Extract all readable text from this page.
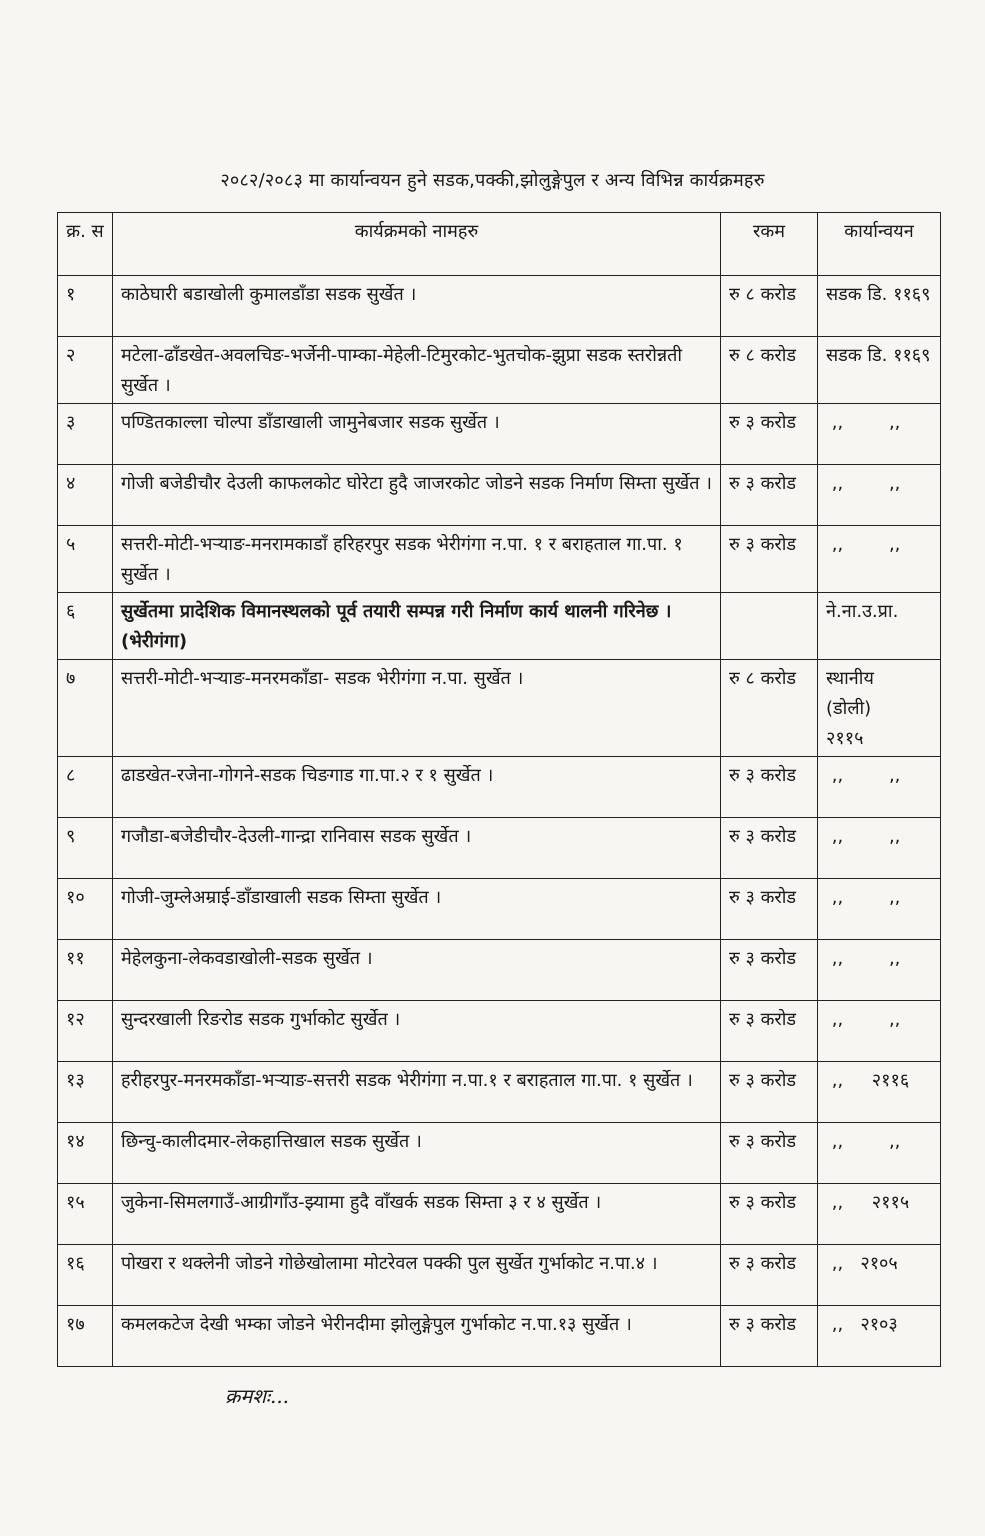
२०८२/२०८३ मा कार्यान्वयन हुने सडक,पक्की,झोलुङ्गेपुल र अन्य विभिन्न कार्यक्रमहरु
क्र. स	कार्यक्रमको नामहरु	रकम	कार्यान्वयन
१	काठेघारी बडाखोली कुमालडाँडा सडक सुर्खेत ।	रु ८ करोड	सडक डि. ११६९
२	मटेला-ढाँडखेत-अवलचिङ-भर्जेनी-पाम्का-मेहेली-टिमुरकोट-भुतचोक-झुप्रा सडक स्तरोन्नती सुर्खेत ।	रु ८ करोड	सडक डि. ११६९
३	पण्डितकाल्ला चोल्पा डाँडाखाली जामुनेबजार सडक सुर्खेत ।	रु ३ करोड	,,        ,,
४	गोजी बजेडीचौर देउली काफलकोट घोरेटा हुदै जाजरकोट जोडने सडक निर्माण सिम्ता सुर्खेत ।	रु ३ करोड	,,        ,,
५	सत्तरी-मोटी-भऱ्याङ-मनरामकाडाँ हरिहरपुर सडक भेरीगंगा न.पा. १ र बराहताल गा.पा. १ सुर्खेत ।	रु ३ करोड	,,        ,,
६	सुर्खेतमा प्रादेशिक विमानस्थलको पूर्व तयारी सम्पन्न गरी निर्माण कार्य थालनी गरिनेछ । (भेरीगंगा)		ने.ना.उ.प्रा.
७	सत्तरी-मोटी-भऱ्याङ-मनरमकाँडा- सडक भेरीगंगा न.पा. सुर्खेत ।	रु ८ करोड	स्थानीय
(डोली)
२११५
८	ढाडखेत-रजेना-गोगने-सडक चिङगाड गा.पा.२ र १ सुर्खेत ।	रु ३ करोड	,,        ,,
९	गजौडा-बजेडीचौर-देउली-गान्द्रा रानिवास सडक सुर्खेत ।	रु ३ करोड	,,        ,,
१०	गोजी-जुम्लेअम्राई-डाँडाखाली सडक सिम्ता सुर्खेत ।	रु ३ करोड	,,        ,,
११	मेहेलकुना-लेकवडाखोली-सडक सुर्खेत ।	रु ३ करोड	,,        ,,
१२	सुन्दरखाली रिङरोड सडक गुर्भाकोट सुर्खेत ।	रु ३ करोड	,,        ,,
१३	हरीहरपुर-मनरमकाँडा-भऱ्याङ-सत्तरी सडक भेरीगंगा न.पा.१ र बराहताल गा.पा. १ सुर्खेत ।	रु ३ करोड	,,     २११६
१४	छिन्चु-कालीदमार-लेकहात्तिखाल सडक सुर्खेत ।	रु ३ करोड	,,        ,,
१५	जुकेना-सिमलगाउँ-आग्रीगाँउ-झ्यामा हुदै वाँखर्क सडक सिम्ता ३ र ४ सुर्खेत ।	रु ३ करोड	,,     २११५
१६	पोखरा र थक्लेनी जोडने गोछेखोलामा मोटरेवल पक्की पुल सुर्खेत गुर्भाकोट न.पा.४ ।	रु ३ करोड	,,   २१०५
१७	कमलकटेज देखी भम्का जोडने भेरीनदीमा झोलुङ्गेपुल गुर्भाकोट न.पा.१३ सुर्खेत ।	रु ३ करोड	,,   २१०३
क्रमशः...
